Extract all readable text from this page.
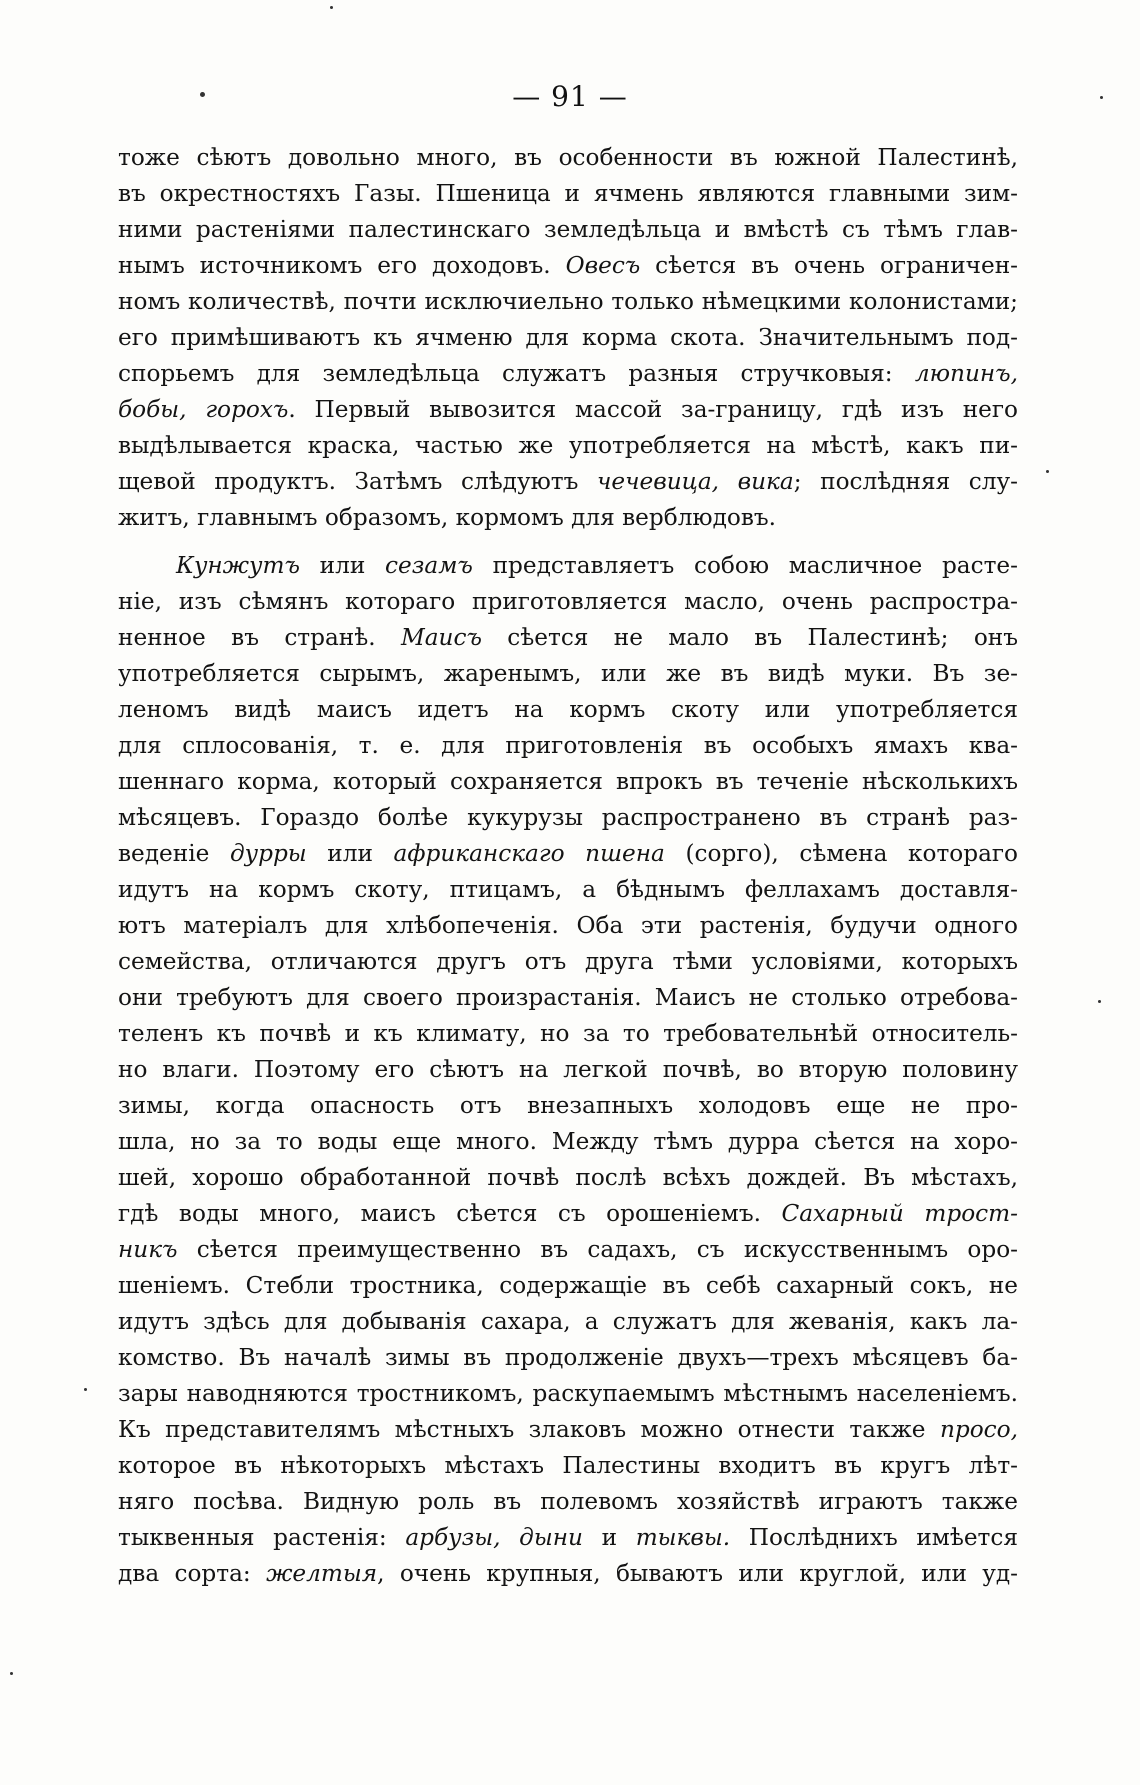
— 91 —
тоже сѣютъ довольно много, въ особенности въ южной Палестинѣ,
въ окрестностяхъ Газы. Пшеница и ячмень являются главными зим-
ними растеніями палестинскаго земледѣльца и вмѣстѣ съ тѣмъ глав-
нымъ источникомъ его доходовъ. Овесъ сѣется въ очень ограничен-
номъ количествѣ, почти исключиельно только нѣмецкими колонистами;
его примѣшиваютъ къ ячменю для корма скота. Значительнымъ под-
спорьемъ для земледѣльца служатъ разныя стручковыя: люпинъ,
бобы, горохъ. Первый вывозится массой за-границу, гдѣ изъ него
выдѣлывается краска, частью же употребляется на мѣстѣ, какъ пи-
щевой продуктъ. Затѣмъ слѣдуютъ чечевица, вика; послѣдняя слу-
житъ, главнымъ образомъ, кормомъ для верблюдовъ.
Кунжутъ или сезамъ представляетъ собою масличное расте-
ніе, изъ сѣмянъ котораго приготовляется масло, очень распростра-
ненное въ странѣ. Маисъ сѣется не мало въ Палестинѣ; онъ
употребляется сырымъ, жаренымъ, или же въ видѣ муки. Въ зе-
леномъ видѣ маисъ идетъ на кормъ скоту или употребляется
для сплосованія, т. е. для приготовленія въ особыхъ ямахъ ква-
шеннаго корма, который сохраняется впрокъ въ теченіе нѣсколькихъ
мѣсяцевъ. Гораздо болѣе кукурузы распространено въ странѣ раз-
веденіе дурры или африканскаго пшена (сорго), сѣмена котораго
идутъ на кормъ скоту, птицамъ, а бѣднымъ феллахамъ доставля-
ютъ матеріалъ для хлѣбопеченія. Оба эти растенія, будучи одного
семейства, отличаются другъ отъ друга тѣми условіями, которыхъ
они требуютъ для своего произрастанія. Маисъ не столько отребова-
теленъ къ почвѣ и къ климату, но за то требовательнѣй относитель-
но влаги. Поэтому его сѣютъ на легкой почвѣ, во вторую половину
зимы, когда опасность отъ внезапныхъ холодовъ еще не про-
шла, но за то воды еще много. Между тѣмъ дурра сѣется на хоро-
шей, хорошо обработанной почвѣ послѣ всѣхъ дождей. Въ мѣстахъ,
гдѣ воды много, маисъ сѣется съ орошеніемъ. Сахарный трост-
никъ сѣется преимущественно въ садахъ, съ искусственнымъ оро-
шеніемъ. Стебли тростника, содержащіе въ себѣ сахарный сокъ, не
идутъ здѣсь для добыванія сахара, а служатъ для жеванія, какъ ла-
комство. Въ началѣ зимы въ продолженіе двухъ—трехъ мѣсяцевъ ба-
зары наводняются тростникомъ, раскупаемымъ мѣстнымъ населеніемъ.
Къ представителямъ мѣстныхъ злаковъ можно отнести также просо,
которое въ нѣкоторыхъ мѣстахъ Палестины входитъ въ кругъ лѣт-
няго посѣва. Видную роль въ полевомъ хозяйствѣ играютъ также
тыквенныя растенія: арбузы, дыни и тыквы. Послѣднихъ имѣется
два сорта: желтыя, очень крупныя, бываютъ или круглой, или уд-
